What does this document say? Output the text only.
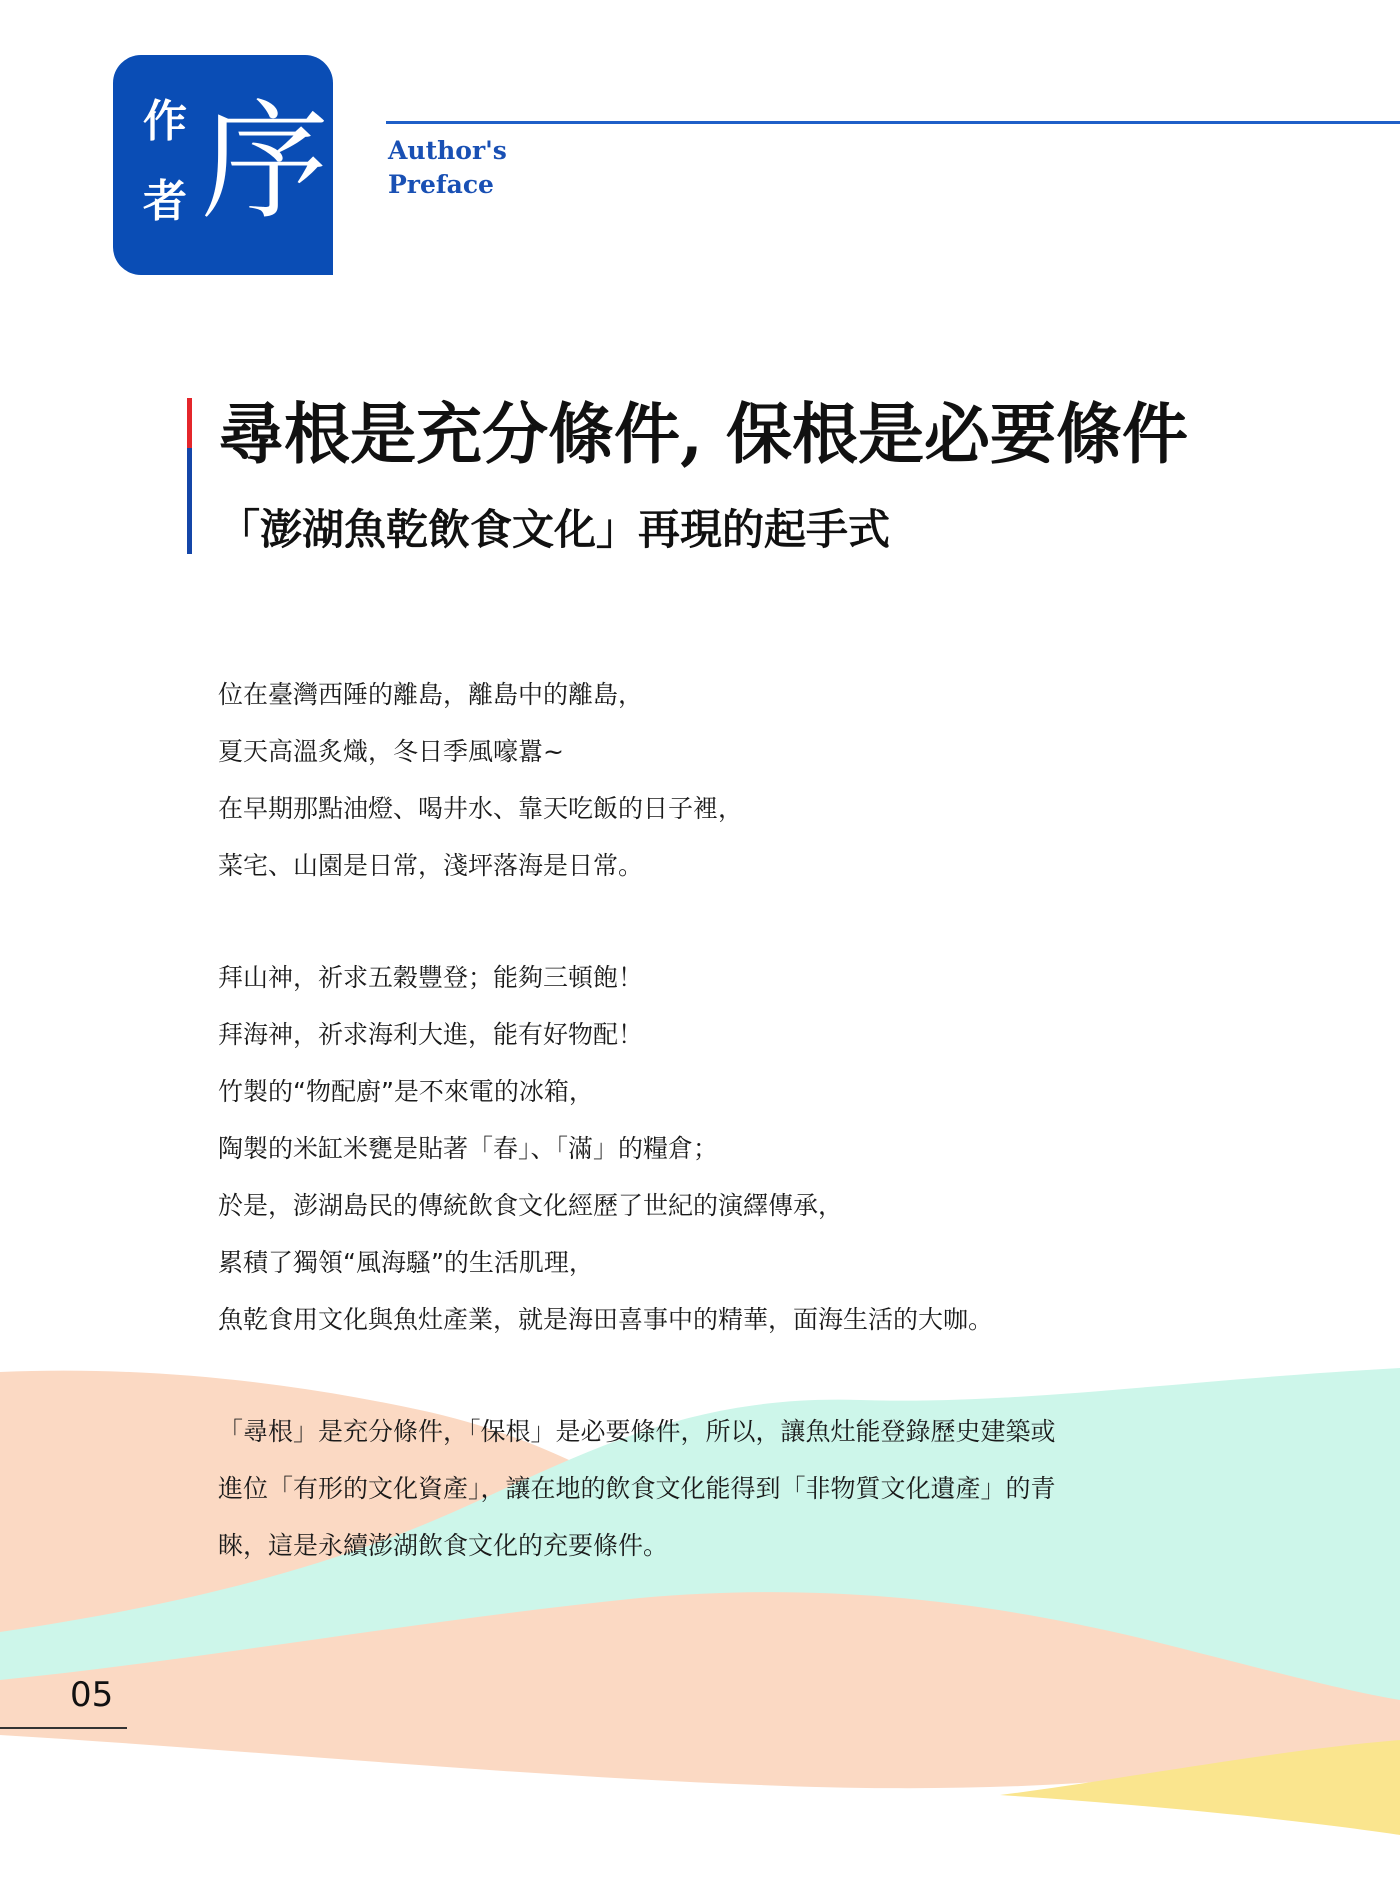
作
者 序 Author's
Preface
尋根是充分條件, 保根是必要條件
「澎湖魚乾飲食文化」再現的起手式
位在臺灣西陲的離島，離島中的離島，
夏天高溫炙熾，冬日季風嚎囂~
在早期那點油燈、喝井水、靠天吃飯的日子裡，
菜宅、山園是日常，淺坪落海是日常。
拜山神，祈求五穀豐登；能夠三頓飽！
拜海神，祈求海利大進，能有好物配！
竹製的“物配廚”是不來電的冰箱，
陶製的米缸米甕是貼著「春」、「滿」的糧倉；
於是，澎湖島民的傳統飲食文化經歷了世紀的演繹傳承，
累積了獨領“風海騷”的生活肌理，
魚乾食用文化與魚灶產業，就是海田喜事中的精華，面海生活的大咖。
「尋根」是充分條件，「保根」是必要條件，所以，讓魚灶能登錄歷史建築或
進位「有形的文化資產」，讓在地的飲食文化能得到「非物質文化遺產」的青
睞，這是永續澎湖飲食文化的充要條件。
05
